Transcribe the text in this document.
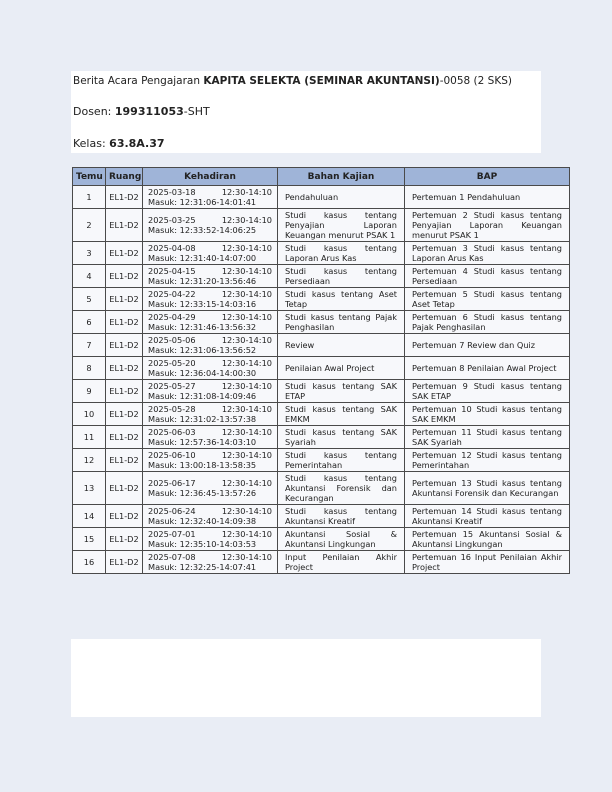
Berita Acara Pengajaran KAPITA SELEKTA (SEMINAR AKUNTANSI)-0058 (2 SKS)
Dosen: 199311053-SHT
Kelas: 63.8A.37
Temu	Ruang	Kehadiran	Bahan Kajian	BAP
1	EL1-D2	2025-03-18 12:30-14:10
Masuk: 12:31:06-14:01:41	Pendahuluan	Pertemuan 1 Pendahuluan
2	EL1-D2	2025-03-25 12:30-14:10
Masuk: 12:33:52-14:06:25	Studi kasus tentang Penyajian Laporan Keuangan menurut PSAK 1	Pertemuan 2 Studi kasus tentang Penyajian Laporan Keuangan menurut PSAK 1
3	EL1-D2	2025-04-08 12:30-14:10
Masuk: 12:31:40-14:07:00	Studi kasus tentang Laporan Arus Kas	Pertemuan 3 Studi kasus tentang Laporan Arus Kas
4	EL1-D2	2025-04-15 12:30-14:10
Masuk: 12:31:20-13:56:46	Studi kasus tentang Persediaan	Pertemuan 4 Studi kasus tentang Persediaan
5	EL1-D2	2025-04-22 12:30-14:10
Masuk: 12:33:15-14:03:16	Studi kasus tentang Aset Tetap	Pertemuan 5 Studi kasus tentang Aset Tetap
6	EL1-D2	2025-04-29 12:30-14:10
Masuk: 12:31:46-13:56:32	Studi kasus tentang Pajak Penghasilan	Pertemuan 6 Studi kasus tentang Pajak Penghasilan
7	EL1-D2	2025-05-06 12:30-14:10
Masuk: 12:31:06-13:56:52	Review	Pertemuan 7 Review dan Quiz
8	EL1-D2	2025-05-20 12:30-14:10
Masuk: 12:36:04-14:00:30	Penilaian Awal Project	Pertemuan 8 Penilaian Awal Project
9	EL1-D2	2025-05-27 12:30-14:10
Masuk: 12:31:08-14:09:46	Studi kasus tentang SAK ETAP	Pertemuan 9 Studi kasus tentang SAK ETAP
10	EL1-D2	2025-05-28 12:30-14:10
Masuk: 12:31:02-13:57:38	Studi kasus tentang SAK EMKM	Pertemuan 10 Studi kasus tentang SAK EMKM
11	EL1-D2	2025-06-03 12:30-14:10
Masuk: 12:57:36-14:03:10	Studi kasus tentang SAK Syariah	Pertemuan 11 Studi kasus tentang SAK Syariah
12	EL1-D2	2025-06-10 12:30-14:10
Masuk: 13:00:18-13:58:35	Studi kasus tentang Pemerintahan	Pertemuan 12 Studi kasus tentang Pemerintahan
13	EL1-D2	2025-06-17 12:30-14:10
Masuk: 12:36:45-13:57:26	Studi kasus tentang Akuntansi Forensik dan Kecurangan	Pertemuan 13 Studi kasus tentang Akuntansi Forensik dan Kecurangan
14	EL1-D2	2025-06-24 12:30-14:10
Masuk: 12:32:40-14:09:38	Studi kasus tentang Akuntansi Kreatif	Pertemuan 14 Studi kasus tentang Akuntansi Kreatif
15	EL1-D2	2025-07-01 12:30-14:10
Masuk: 12:35:10-14:03:53	Akuntansi Sosial & Akuntansi Lingkungan	Pertemuan 15 Akuntansi Sosial & Akuntansi Lingkungan
16	EL1-D2	2025-07-08 12:30-14:10
Masuk: 12:32:25-14:07:41	Input Penilaian Akhir Project	Pertemuan 16 Input Penilaian Akhir Project
